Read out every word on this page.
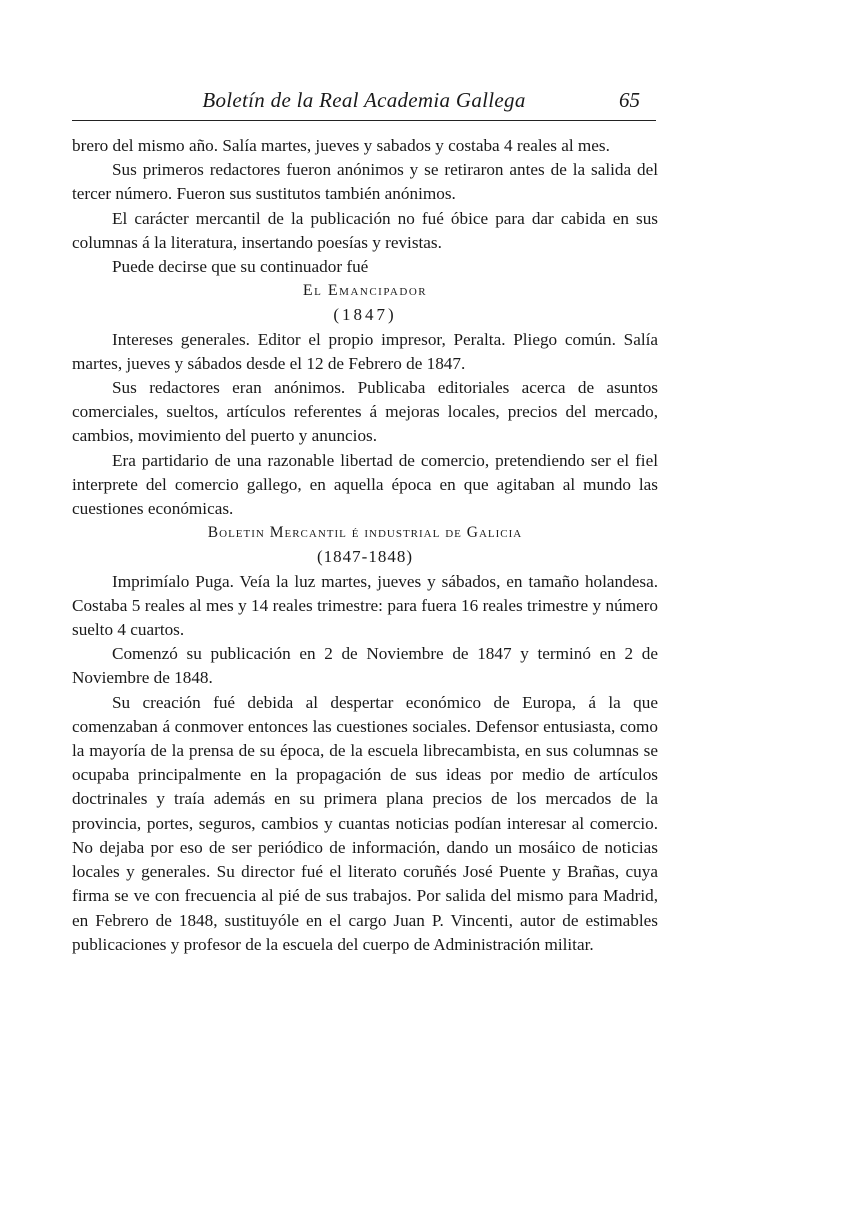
Boletín de la Real Academia Gallega	65

brero del mismo año. Salía martes, jueves y sabados y costaba 4 reales al mes.

Sus primeros redactores fueron anónimos y se retiraron antes de la salida del tercer número. Fueron sus sustitutos también anónimos.

El carácter mercantil de la publicación no fué óbice para dar cabida en sus columnas á la literatura, insertando poesías y revistas.

Puede decirse que su continuador fué

El Emancipador

(1847)

Intereses generales. Editor el propio impresor, Peralta. Pliego común. Salía martes, jueves y sábados desde el 12 de Febrero de 1847.

Sus redactores eran anónimos. Publicaba editoriales acerca de asuntos comerciales, sueltos, artículos referentes á mejoras locales, precios del mercado, cambios, movimiento del puerto y anuncios.

Era partidario de una razonable libertad de comercio, pretendiendo ser el fiel interprete del comercio gallego, en aquella época en que agitaban al mundo las cuestiones económicas.

Boletin Mercantil é industrial de Galicia

(1847-1848)

Imprimíalo Puga. Veía la luz martes, jueves y sábados, en tamaño holandesa. Costaba 5 reales al mes y 14 reales trimestre: para fuera 16 reales trimestre y número suelto 4 cuartos.

Comenzó su publicación en 2 de Noviembre de 1847 y terminó en 2 de Noviembre de 1848.

Su creación fué debida al despertar económico de Europa, á la que comenzaban á conmover entonces las cuestiones sociales. Defensor entusiasta, como la mayoría de la prensa de su época, de la escuela librecambista, en sus columnas se ocupaba principalmente en la propagación de sus ideas por medio de artículos doctrinales y traía además en su primera plana precios de los mercados de la provincia, portes, seguros, cambios y cuantas noticias podían interesar al comercio. No dejaba por eso de ser periódico de información, dando un mosáico de noticias locales y generales. Su director fué el literato coruñés José Puente y Brañas, cuya firma se ve con frecuencia al pié de sus trabajos. Por salida del mismo para Madrid, en Febrero de 1848, sustituyóle en el cargo Juan P. Vincenti, autor de estimables publicaciones y profesor de la escuela del cuerpo de Administración militar.
